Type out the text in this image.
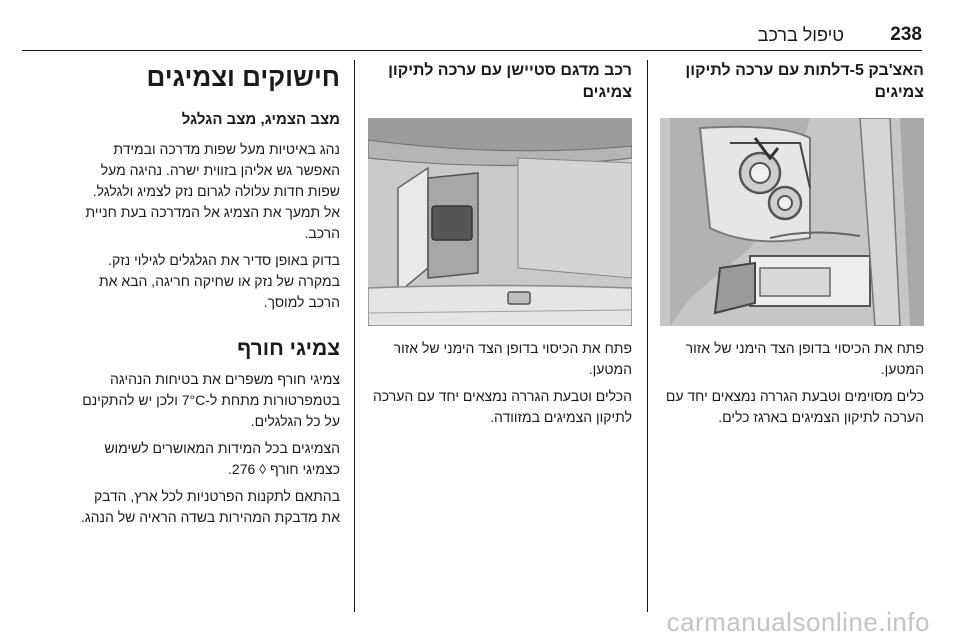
238
טיפול ברכב
האצ'בק 5-דלתות עם ערכה לתיקון צמיגים

פתח את הכיסוי בדופן הצד הימני של אזור המטען.

כלים מסוימים וטבעת הגררה נמצאים יחד עם הערכה לתיקון הצמיגים בארגז כלים.

רכב מדגם סטיישן עם ערכה לתיקון צמיגים

פתח את הכיסוי בדופן הצד הימני של אזור המטען.

הכלים וטבעת הגררה נמצאים יחד עם הערכה לתיקון הצמיגים במזוודה.

חישוקים וצמיגים
מצב הצמיג, מצב הגלגל

נהג באיטיות מעל שפות מדרכה ובמידת האפשר גש אליהן בזווית ישרה. נהיגה מעל שפות חדות עלולה לגרום נזק לצמיג ולגלגל. אל תמעך את הצמיג אל המדרכה בעת חניית הרכב.

בדוק באופן סדיר את הגלגלים לגילוי נזק. במקרה של נזק או שחיקה חריגה, הבא את הרכב למוסך.

צמיגי חורף

צמיגי חורף משפרים את בטיחות הנהיגה בטמפרטורות מתחת ל-7°C ולכן יש להתקינם על כל הגלגלים.

הצמיגים בכל המידות המאושרים לשימוש כצמיגי חורף ◊ 276.

בהתאם לתקנות הפרטניות לכל ארץ, הדבק את מדבקת המהירות בשדה הראיה של הנהג.

carmanualsonline.info
